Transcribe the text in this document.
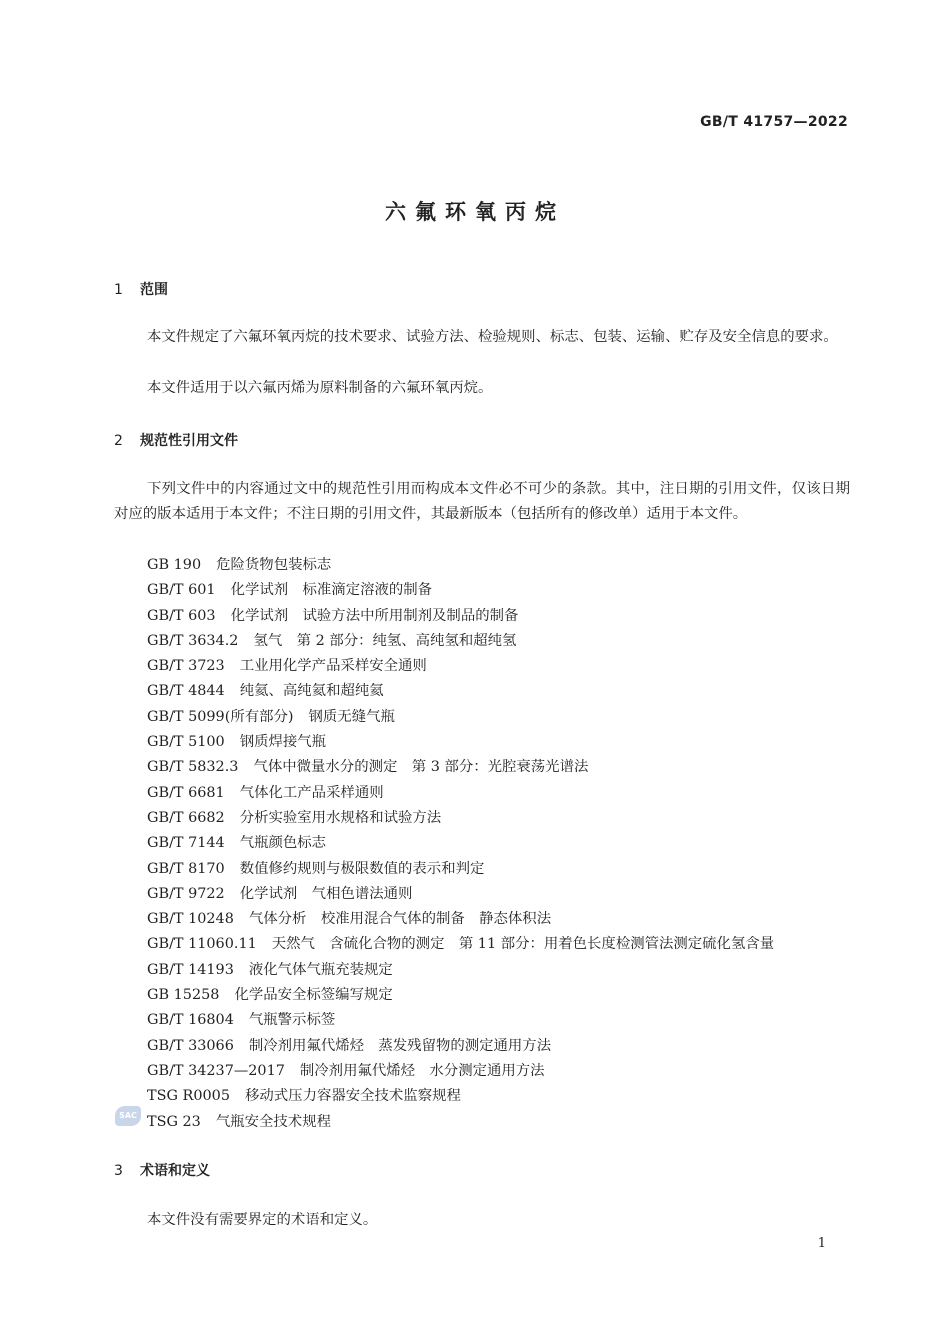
GB/T 41757—2022
六氟环氧丙烷
1 范围
本文件规定了六氟环氧丙烷的技术要求、试验方法、检验规则、标志、包装、运输、贮存及安全信息的要求。
本文件适用于以六氟丙烯为原料制备的六氟环氧丙烷。
2 规范性引用文件
下列文件中的内容通过文中的规范性引用而构成本文件必不可少的条款。其中，注日期的引用文件，仅该日期对应的版本适用于本文件；不注日期的引用文件，其最新版本（包括所有的修改单）适用于本文件。
GB 190 危险货物包装标志
GB/T 601 化学试剂　标准滴定溶液的制备
GB/T 603 化学试剂　试验方法中所用制剂及制品的制备
GB/T 3634.2 氢气　第 2 部分：纯氢、高纯氢和超纯氢
GB/T 3723 工业用化学产品采样安全通则
GB/T 4844 纯氦、高纯氦和超纯氦
GB/T 5099(所有部分) 钢质无缝气瓶
GB/T 5100 钢质焊接气瓶
GB/T 5832.3 气体中微量水分的测定　第 3 部分：光腔衰荡光谱法
GB/T 6681 气体化工产品采样通则
GB/T 6682 分析实验室用水规格和试验方法
GB/T 7144 气瓶颜色标志
GB/T 8170 数值修约规则与极限数值的表示和判定
GB/T 9722 化学试剂　气相色谱法通则
GB/T 10248 气体分析　校准用混合气体的制备　静态体积法
GB/T 11060.11 天然气　含硫化合物的测定　第 11 部分：用着色长度检测管法测定硫化氢含量
GB/T 14193 液化气体气瓶充装规定
GB 15258 化学品安全标签编写规定
GB/T 16804 气瓶警示标签
GB/T 33066 制冷剂用氟代烯烃　蒸发残留物的测定通用方法
GB/T 34237—2017 制冷剂用氟代烯烃　水分测定通用方法
TSG R0005 移动式压力容器安全技术监察规程
TSG 23 气瓶安全技术规程
SAC
3 术语和定义
本文件没有需要界定的术语和定义。
1
